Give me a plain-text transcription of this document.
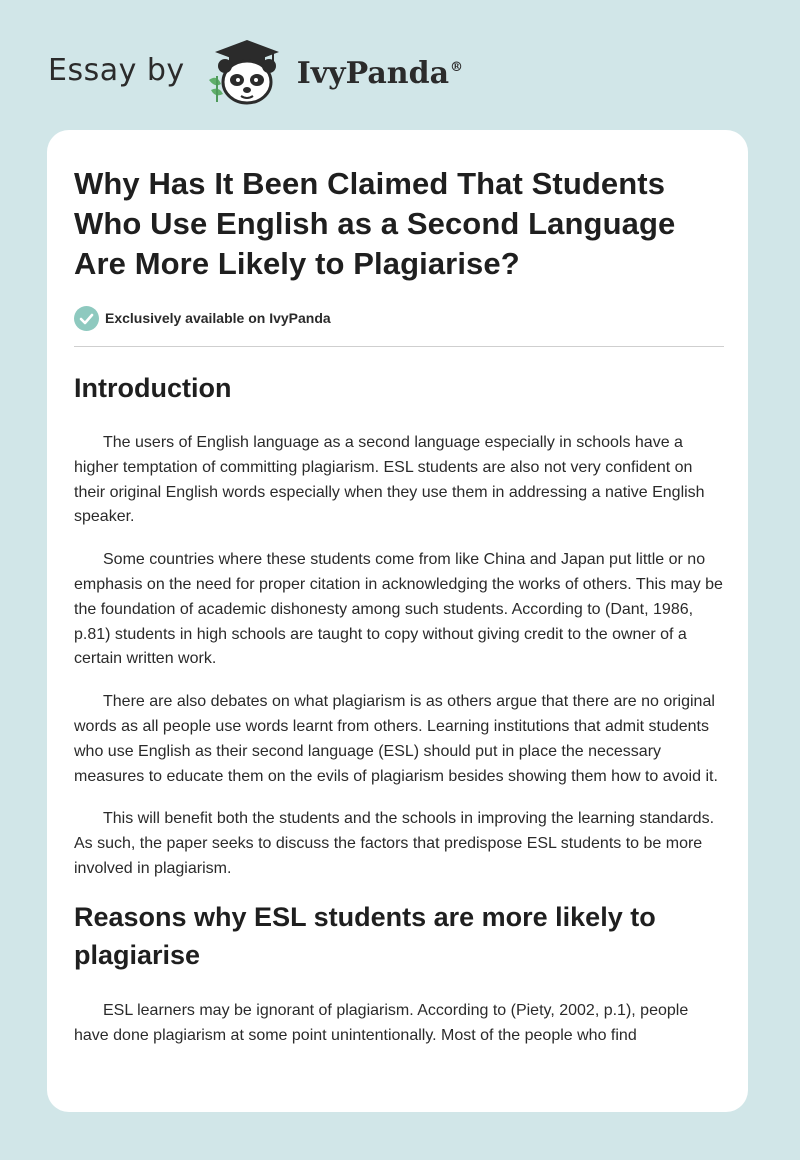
Essay by	IvyPanda®
Why Has It Been Claimed That Students Who Use English as a Second Language Are More Likely to Plagiarise?
Exclusively available on IvyPanda
Introduction

The users of English language as a second language especially in schools have a higher temptation of committing plagiarism. ESL students are also not very confident on their original English words especially when they use them in addressing a native English speaker.

Some countries where these students come from like China and Japan put little or no emphasis on the need for proper citation in acknowledging the works of others. This may be the foundation of academic dishonesty among such students. According to (Dant, 1986, p.81) students in high schools are taught to copy without giving credit to the owner of a certain written work.

There are also debates on what plagiarism is as others argue that there are no original words as all people use words learnt from others. Learning institutions that admit students who use English as their second language (ESL) should put in place the necessary measures to educate them on the evils of plagiarism besides showing them how to avoid it.

This will benefit both the students and the schools in improving the learning standards. As such, the paper seeks to discuss the factors that predispose ESL students to be more involved in plagiarism.

Reasons why ESL students are more likely to plagiarise

ESL learners may be ignorant of plagiarism. According to (Piety, 2002, p.1), people have done plagiarism at some point unintentionally. Most of the people who find
